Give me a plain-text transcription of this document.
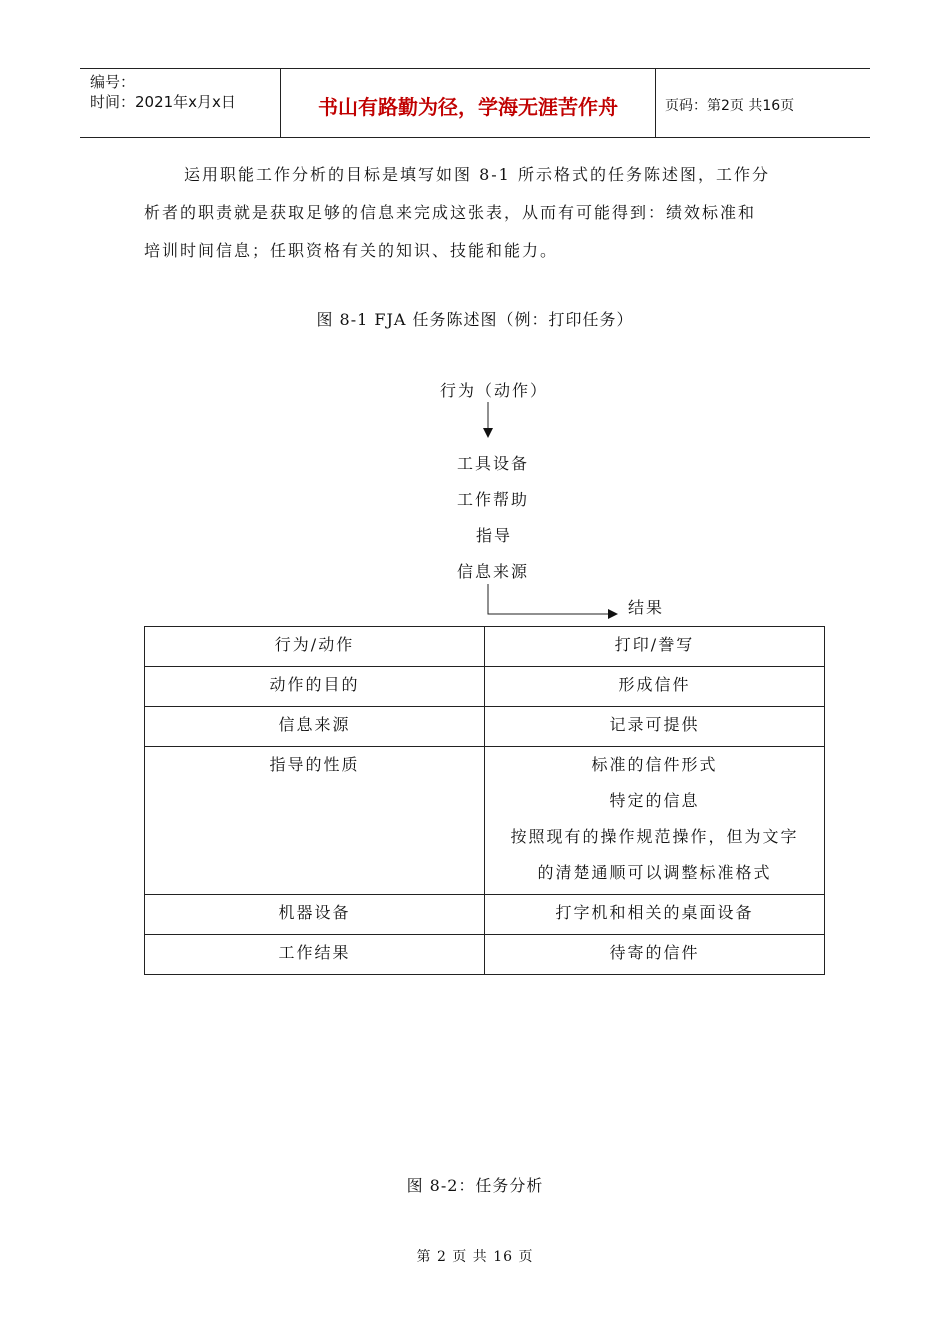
编号：
时间：2021年x月x日	书山有路勤为径，学海无涯苦作舟	页码：第2页 共16页

运用职能工作分析的目标是填写如图 8-1 所示格式的任务陈述图，工作分

析者的职责就是获取足够的信息来完成这张表，从而有可能得到：绩效标准和

培训时间信息；任职资格有关的知识、技能和能力。

图 8-1 FJA 任务陈述图（例：打印任务）
行为（动作）
工具设备
工作帮助
指导
信息来源
结果
行为/动作	打印/誊写

动作的目的	形成信件

信息来源	记录可提供

指导的性质	标准的信件形式
特定的信息
按照现有的操作规范操作，但为文字
的清楚通顺可以调整标准格式

机器设备	打字机和相关的桌面设备

工作结果	待寄的信件
图 8-2：任务分析
第 2 页 共 16 页
